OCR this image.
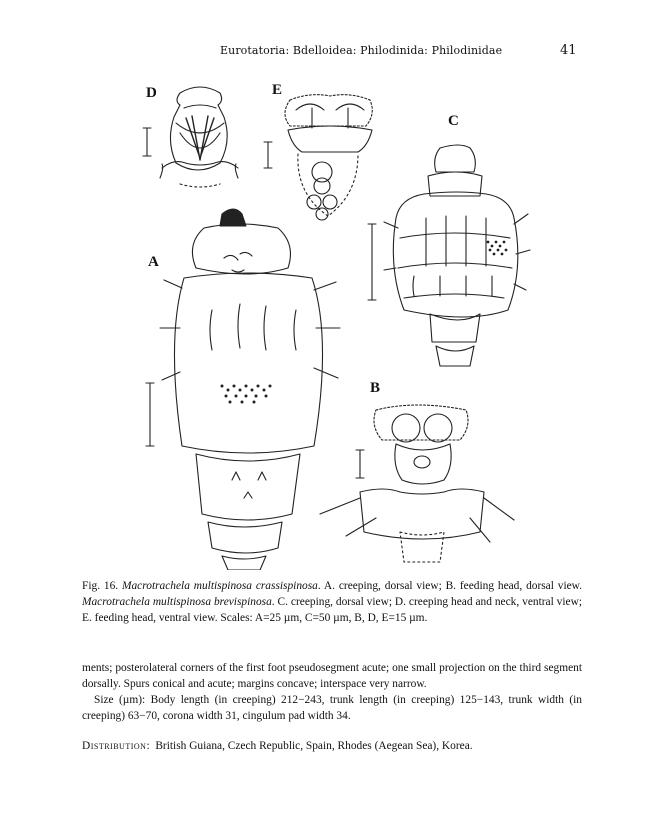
Eurotatoria: Bdelloidea: Philodinida: Philodinidae	41
D	E
C
A
B
Fig. 16. Macrotrachela multispinosa crassispinosa. A. creeping, dorsal view; B. feeding head, dorsal view. Macrotrachela multispinosa brevispinosa. C. creeping, dorsal view; D. creeping head and neck, ventral view; E. feeding head, ventral view. Scales: A=25 µm, C=50 µm, B, D, E=15 µm.

ments; posterolateral corners of the first foot pseudosegment acute; one small projection on the third segment dorsally. Spurs conical and acute; margins concave; interspace very narrow.

Size (µm): Body length (in creeping) 212−243, trunk length (in creeping) 125−143, trunk width (in creeping) 63−70, corona width 31, cingulum pad width 34.

Distribution:  British Guiana, Czech Republic, Spain, Rhodes (Aegean Sea), Korea.
